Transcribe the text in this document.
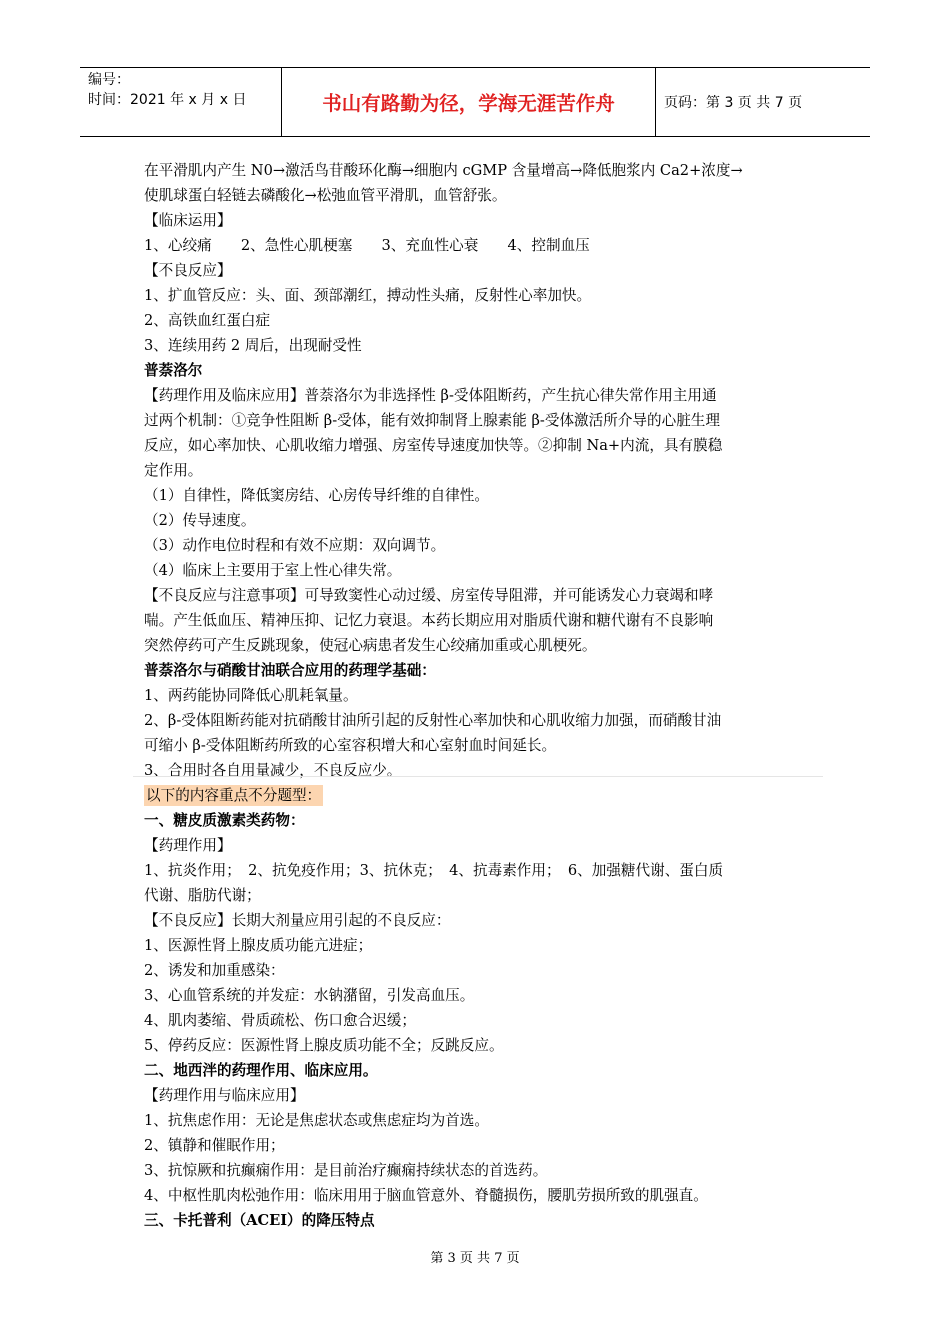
编号：
时间：2021 年 x 月 x 日	书山有路勤为径，学海无涯苦作舟	页码：第 3 页 共 7 页
在平滑肌内产生 N0→激活鸟苷酸环化酶→细胞内 cGMP 含量增高→降低胞浆内 Ca2+浓度→
使肌球蛋白轻链去磷酸化→松弛血管平滑肌，血管舒张。
【临床运用】
1、心绞痛　　2、急性心肌梗塞　　3、充血性心衰　　4、控制血压
【不良反应】
1、扩血管反应：头、面、颈部潮红，搏动性头痛，反射性心率加快。
2、高铁血红蛋白症
3、连续用药 2 周后，出现耐受性
普萘洛尔
【药理作用及临床应用】普萘洛尔为非选择性 β-受体阻断药，产生抗心律失常作用主用通
过两个机制：①竞争性阻断 β-受体，能有效抑制肾上腺素能 β-受体激活所介导的心脏生理
反应，如心率加快、心肌收缩力增强、房室传导速度加快等。②抑制 Na+内流，具有膜稳
定作用。
（1）自律性，降低窦房结、心房传导纤维的自律性。
（2）传导速度。
（3）动作电位时程和有效不应期：双向调节。
（4）临床上主要用于室上性心律失常。
【不良反应与注意事项】可导致窦性心动过缓、房室传导阻滞，并可能诱发心力衰竭和哮
喘。产生低血压、精神压抑、记忆力衰退。本药长期应用对脂质代谢和糖代谢有不良影响
突然停药可产生反跳现象，使冠心病患者发生心绞痛加重或心肌梗死。
普萘洛尔与硝酸甘油联合应用的药理学基础：
1、两药能协同降低心肌耗氧量。
2、β-受体阻断药能对抗硝酸甘油所引起的反射性心率加快和心肌收缩力加强，而硝酸甘油
可缩小 β-受体阻断药所致的心室容积增大和心室射血时间延长。
3、合用时各自用量减少，不良反应少。
以下的内容重点不分题型：
一、糖皮质激素类药物：
【药理作用】
1、抗炎作用；　2、抗免疫作用；3、抗休克；　4、抗毒素作用；　6、加强糖代谢、蛋白质
代谢、脂肪代谢；
【不良反应】长期大剂量应用引起的不良反应：
1、医源性肾上腺皮质功能亢进症；
2、诱发和加重感染：
3、心血管系统的并发症：水钠潴留，引发高血压。
4、肌肉萎缩、骨质疏松、伤口愈合迟缓；
5、停药反应：医源性肾上腺皮质功能不全；反跳反应。
二、地西泮的药理作用、临床应用。
【药理作用与临床应用】
1、抗焦虑作用：无论是焦虑状态或焦虑症均为首选。
2、镇静和催眠作用；
3、抗惊厥和抗癫痫作用：是目前治疗癫痫持续状态的首选药。
4、中枢性肌肉松弛作用：临床用用于脑血管意外、脊髓损伤，腰肌劳损所致的肌强直。
三、卡托普利（ACEI）的降压特点
第 3 页 共 7 页
